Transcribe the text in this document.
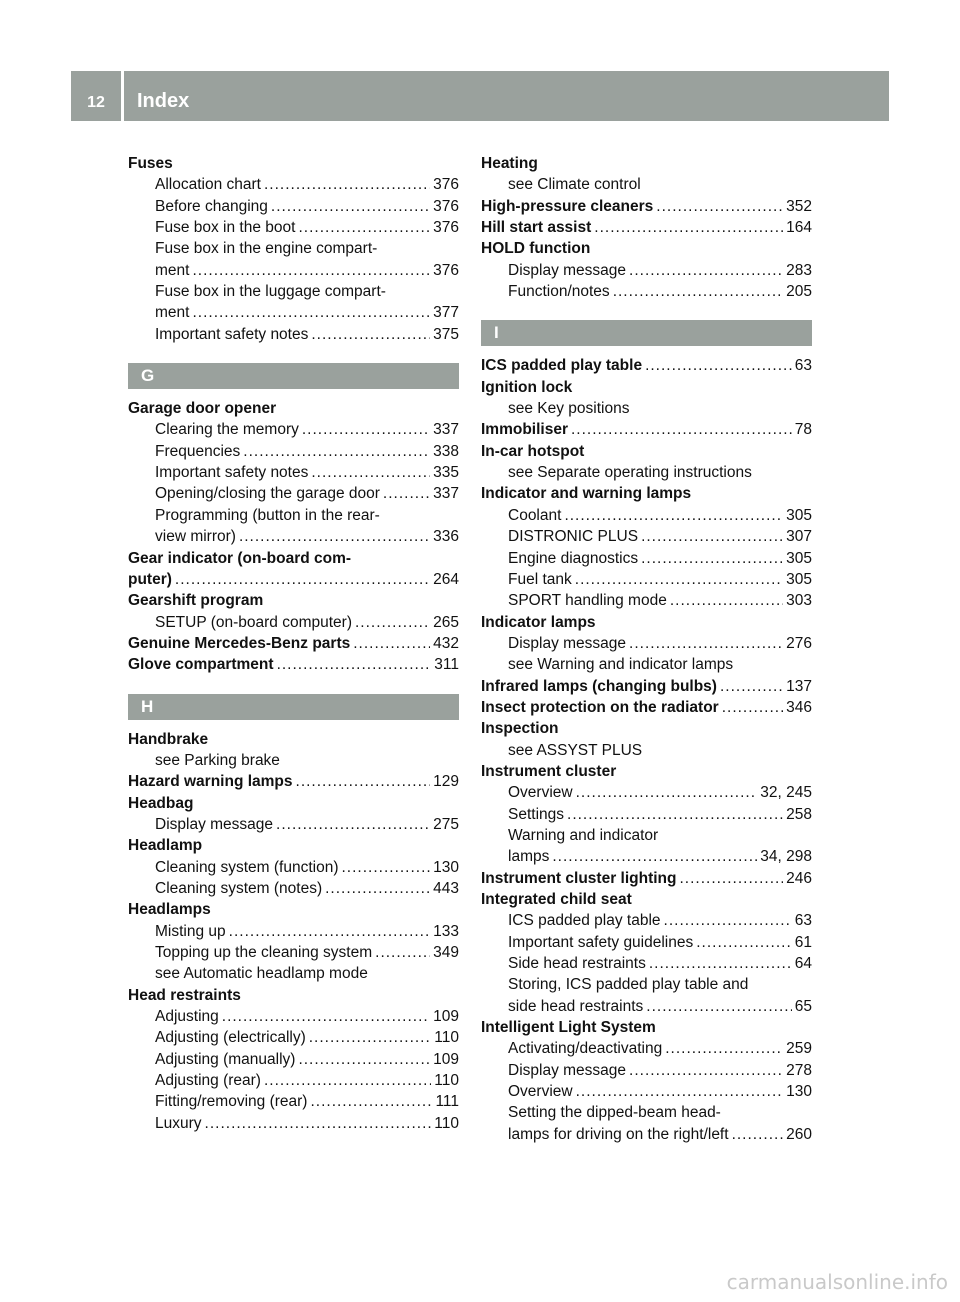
12	Index
Fuses
Allocation chart .....	376
Before changing .....	376
Fuse box in the boot .....	376
Fuse box in the engine compart-
ment .....	376
Fuse box in the luggage compart-
ment .....	377
Important safety notes .....	375
G
Garage door opener
Clearing the memory .....	337
Frequencies .....	338
Important safety notes .....	335
Opening/closing the garage door .....	337
Programming (button in the rear-
view mirror) .....	336
Gear indicator (on-board com-
puter) .....	264
Gearshift program
SETUP (on-board computer) .....	265
Genuine Mercedes-Benz parts .....	432
Glove compartment .....	311
H
Handbrake
see Parking brake
Hazard warning lamps .....	129
Headbag
Display message .....	275
Headlamp
Cleaning system (function) .....	130
Cleaning system (notes) .....	443
Headlamps
Misting up .....	133
Topping up the cleaning system .....	349
see Automatic headlamp mode
Head restraints
Adjusting .....	109
Adjusting (electrically) .....	110
Adjusting (manually) .....	109
Adjusting (rear) .....	110
Fitting/removing (rear) .....	111
Luxury .....	110
Heating
see Climate control
High-pressure cleaners .....	352
Hill start assist .....	164
HOLD function
Display message .....	283
Function/notes .....	205
I
ICS padded play table .....	63
Ignition lock
see Key positions
Immobiliser .....	78
In-car hotspot
see Separate operating instructions
Indicator and warning lamps
Coolant .....	305
DISTRONIC PLUS .....	307
Engine diagnostics .....	305
Fuel tank .....	305
SPORT handling mode .....	303
Indicator lamps
Display message .....	276
see Warning and indicator lamps
Infrared lamps (changing bulbs) .....	137
Insect protection on the radiator .....	346
Inspection
see ASSYST PLUS
Instrument cluster
Overview .....	32, 245
Settings .....	258
Warning and indicator
lamps .....	34, 298
Instrument cluster lighting .....	246
Integrated child seat
ICS padded play table .....	63
Important safety guidelines .....	61
Side head restraints .....	64
Storing, ICS padded play table and
side head restraints .....	65
Intelligent Light System
Activating/deactivating .....	259
Display message .....	278
Overview .....	130
Setting the dipped-beam head-
lamps for driving on the right/left .....	260
carmanualsonline.info
